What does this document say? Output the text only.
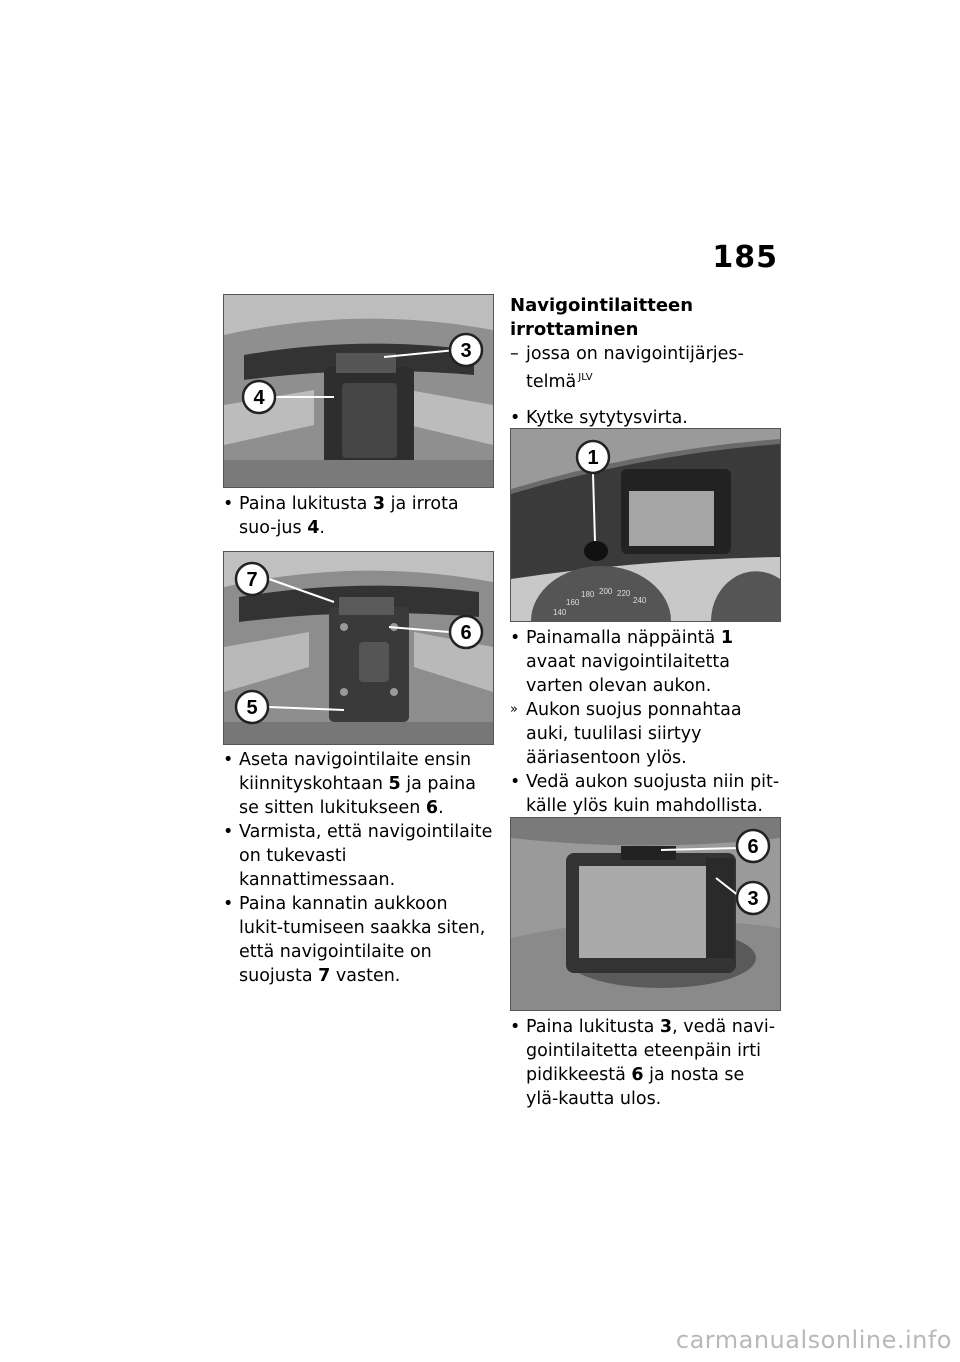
185
3
4

• Paina lukitusta 3 ja irrota suo-jus 4.

7
6
5

• Aseta navigointilaite ensin kiinnityskohtaan 5 ja paina se sitten lukitukseen 6.

• Varmista, että navigointilaite on tukevasti kannattimessaan.

• Paina kannatin aukkoon lukit-tumiseen saakka siten, että navigointilaite on suojusta 7 vasten.

Navigointilaitteen irrottaminen

– jossa on navigointijärjes-telmä $^{JLV}$

• Kytke sytytysvirta.

140
160
180 200 220
240
1

• Painamalla näppäintä 1 avaat navigointilaitetta varten olevan aukon.

» Aukon suojus ponnahtaa auki, tuulilasi siirtyy ääriasentoon ylös.

• Vedä aukon suojusta niin pit-källe ylös kuin mahdollista.

6
3

• Paina lukitusta 3, vedä navi-gointilaitetta eteenpäin irti pidikkeestä 6 ja nosta se ylä-kautta ulos.

carmanualsonline.info
